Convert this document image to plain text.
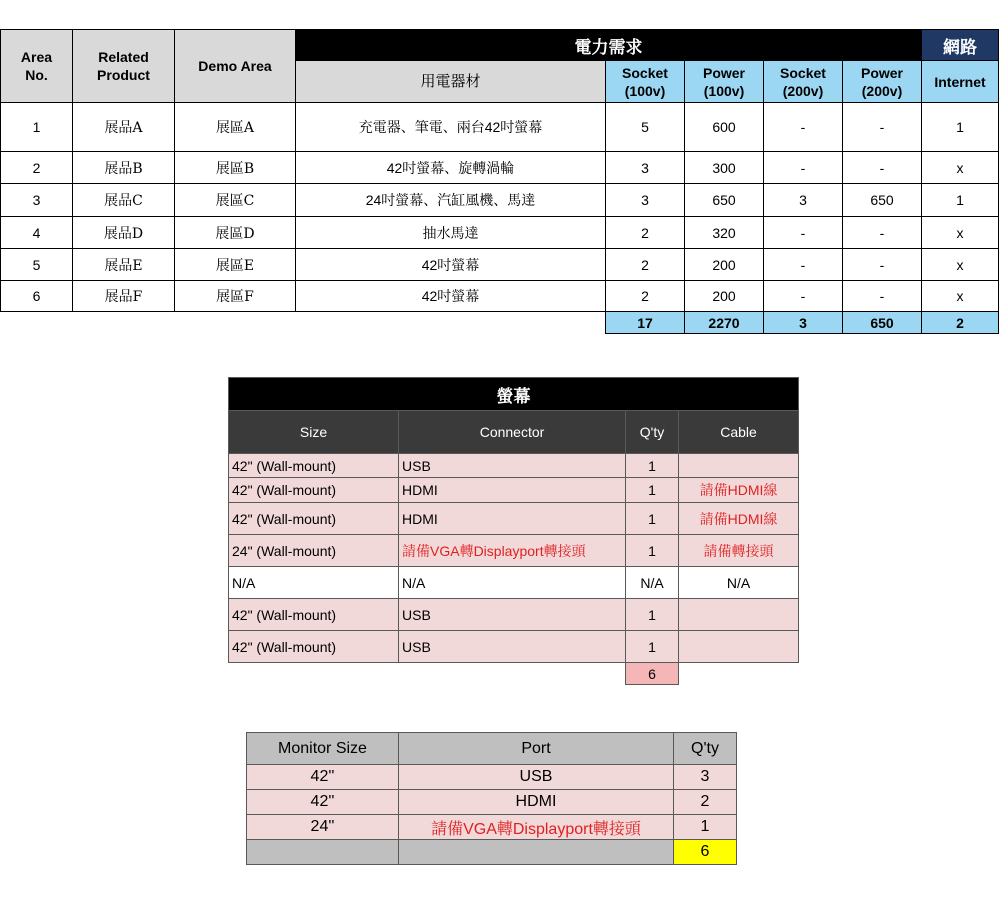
Area No.	Related Product	Demo Area	電力需求					網路
			用電器材	Socket (100v)	Power (100v)	Socket (200v)	Power (200v)	Internet
1	展品A	展區A	充電器、筆電、兩台42吋螢幕	5	600	-	-	1
2	展品B	展區B	42吋螢幕、旋轉渦輪	3	300	-	-	x
3	展品C	展區C	24吋螢幕、汽缸風機、馬達	3	650	3	650	1
4	展品D	展區D	抽水馬達	2	320	-	-	x
5	展品E	展區E	42吋螢幕	2	200	-	-	x
6	展品F	展區F	42吋螢幕	2	200	-	-	x
				17	2270	3	650	2
螢幕			
Size	Connector	Q'ty	Cable
42" (Wall-mount)	USB	1	
42" (Wall-mount)	HDMI	1	請備HDMI線
42" (Wall-mount)	HDMI	1	請備HDMI線
24" (Wall-mount)	請備VGA轉Displayport轉接頭	1	請備轉接頭
N/A	N/A	N/A	N/A
42" (Wall-mount)	USB	1	
42" (Wall-mount)	USB	1	
		6	
Monitor Size	Port	Q'ty
42''	USB	3
42''	HDMI	2
24''	請備VGA轉Displayport轉接頭	1
		6
